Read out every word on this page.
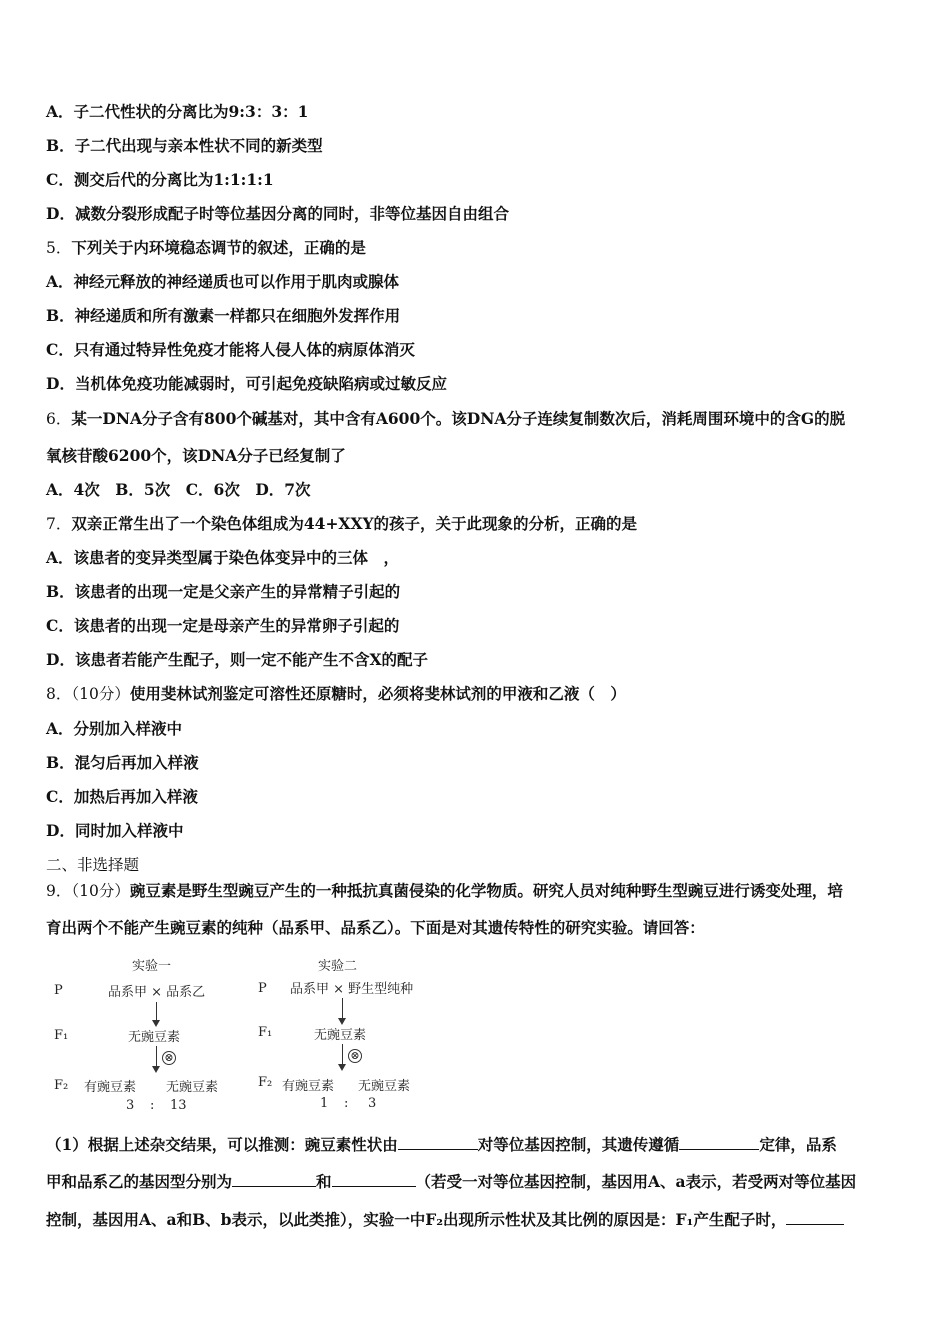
A．子二代性状的分离比为9:3：3：1
B．子二代出现与亲本性状不同的新类型
C．测交后代的分离比为1:1:1:1
D．减数分裂形成配子时等位基因分离的同时，非等位基因自由组合
5．下列关于内环境稳态调节的叙述，正确的是
A．神经元释放的神经递质也可以作用于肌肉或腺体
B．神经递质和所有激素一样都只在细胞外发挥作用
C．只有通过特异性免疫才能将人侵人体的病原体消灭
D．当机体免疫功能减弱时，可引起免疫缺陷病或过敏反应
6．某一DNA分子含有800个碱基对，其中含有A600个。该DNA分子连续复制数次后，消耗周围环境中的含G的脱
氧核苷酸6200个，该DNA分子已经复制了
A．4次　B．5次　C．6次　D．7次
7．双亲正常生出了一个染色体组成为44+XXY的孩子，关于此现象的分析，正确的是
A．该患者的变异类型属于染色体变异中的三体　，
B．该患者的出现一定是父亲产生的异常精子引起的
C．该患者的出现一定是母亲产生的异常卵子引起的
D．该患者若能产生配子，则一定不能产生不含X的配子
8．（10分）使用斐林试剂鉴定可溶性还原糖时，必须将斐林试剂的甲液和乙液（　）
A．分别加入样液中
B．混匀后再加入样液
C．加热后再加入样液
D．同时加入样液中
二、非选择题
9．（10分）豌豆素是野生型豌豆产生的一种抵抗真菌侵染的化学物质。研究人员对纯种野生型豌豆进行诱变处理，培
育出两个不能产生豌豆素的纯种（品系甲、品系乙）。下面是对其遗传特性的研究实验。请回答：
（1）根据上述杂交结果，可以推测：豌豆素性状由	对等位基因控制，其遗传遵循	定律，品系
甲和品系乙的基因型分别为	和	（若受一对等位基因控制，基因用A、a表示，若受两对等位基因
控制，基因用A、a和B、b表示，以此类推），实验一中F₂出现所示性状及其比例的原因是：F₁产生配子时，
实验一	实验二
P	品系甲 × 品系乙	P 品系甲 × 野生型纯种
F₁	无豌豆素	F₁	无豌豆素
⊗	⊗
F₂ 有豌豆素 无豌豆素	F₂ 有豌豆素 无豌豆素
3 : 13	1 : 3
